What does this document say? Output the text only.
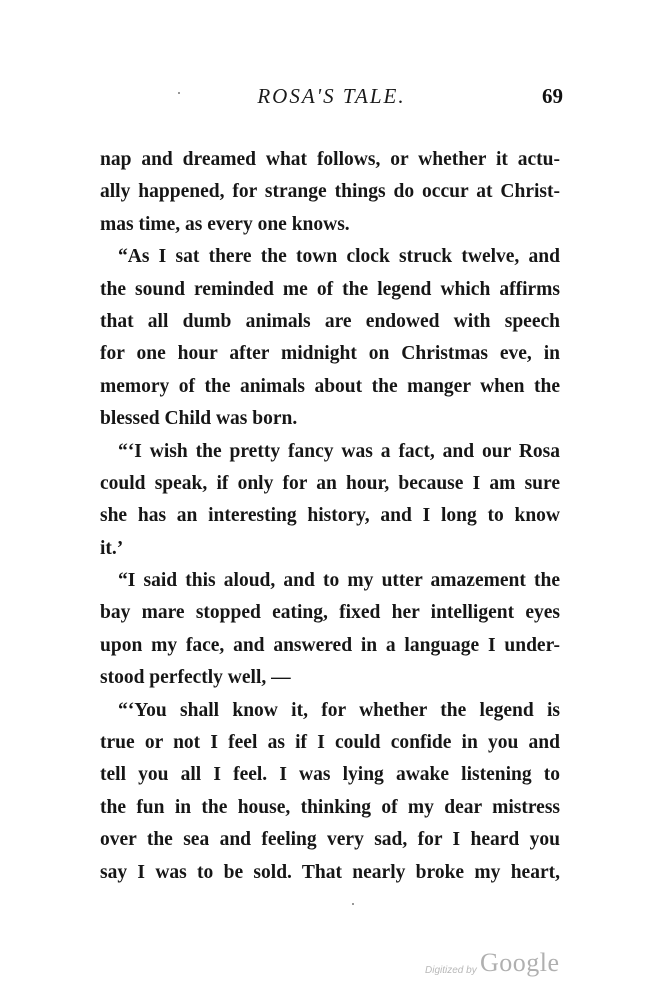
ROSA'S TALE.	69
nap and dreamed what follows, or whether it actu-
ally happened, for strange things do occur at Christ-
mas time, as every one knows.
“As I sat there the town clock struck twelve, and
the sound reminded me of the legend which affirms
that all dumb animals are endowed with speech
for one hour after midnight on Christmas eve, in
memory of the animals about the manger when the
blessed Child was born.
“‘I wish the pretty fancy was a fact, and our Rosa
could speak, if only for an hour, because I am sure
she has an interesting history, and I long to know
it.’
“I said this aloud, and to my utter amazement the
bay mare stopped eating, fixed her intelligent eyes
upon my face, and answered in a language I under-
stood perfectly well, —
“‘You shall know it, for whether the legend is
true or not I feel as if I could confide in you and
tell you all I feel. I was lying awake listening to
the fun in the house, thinking of my dear mistress
over the sea and feeling very sad, for I heard you
say I was to be sold. That nearly broke my heart,
Digitized by Google
